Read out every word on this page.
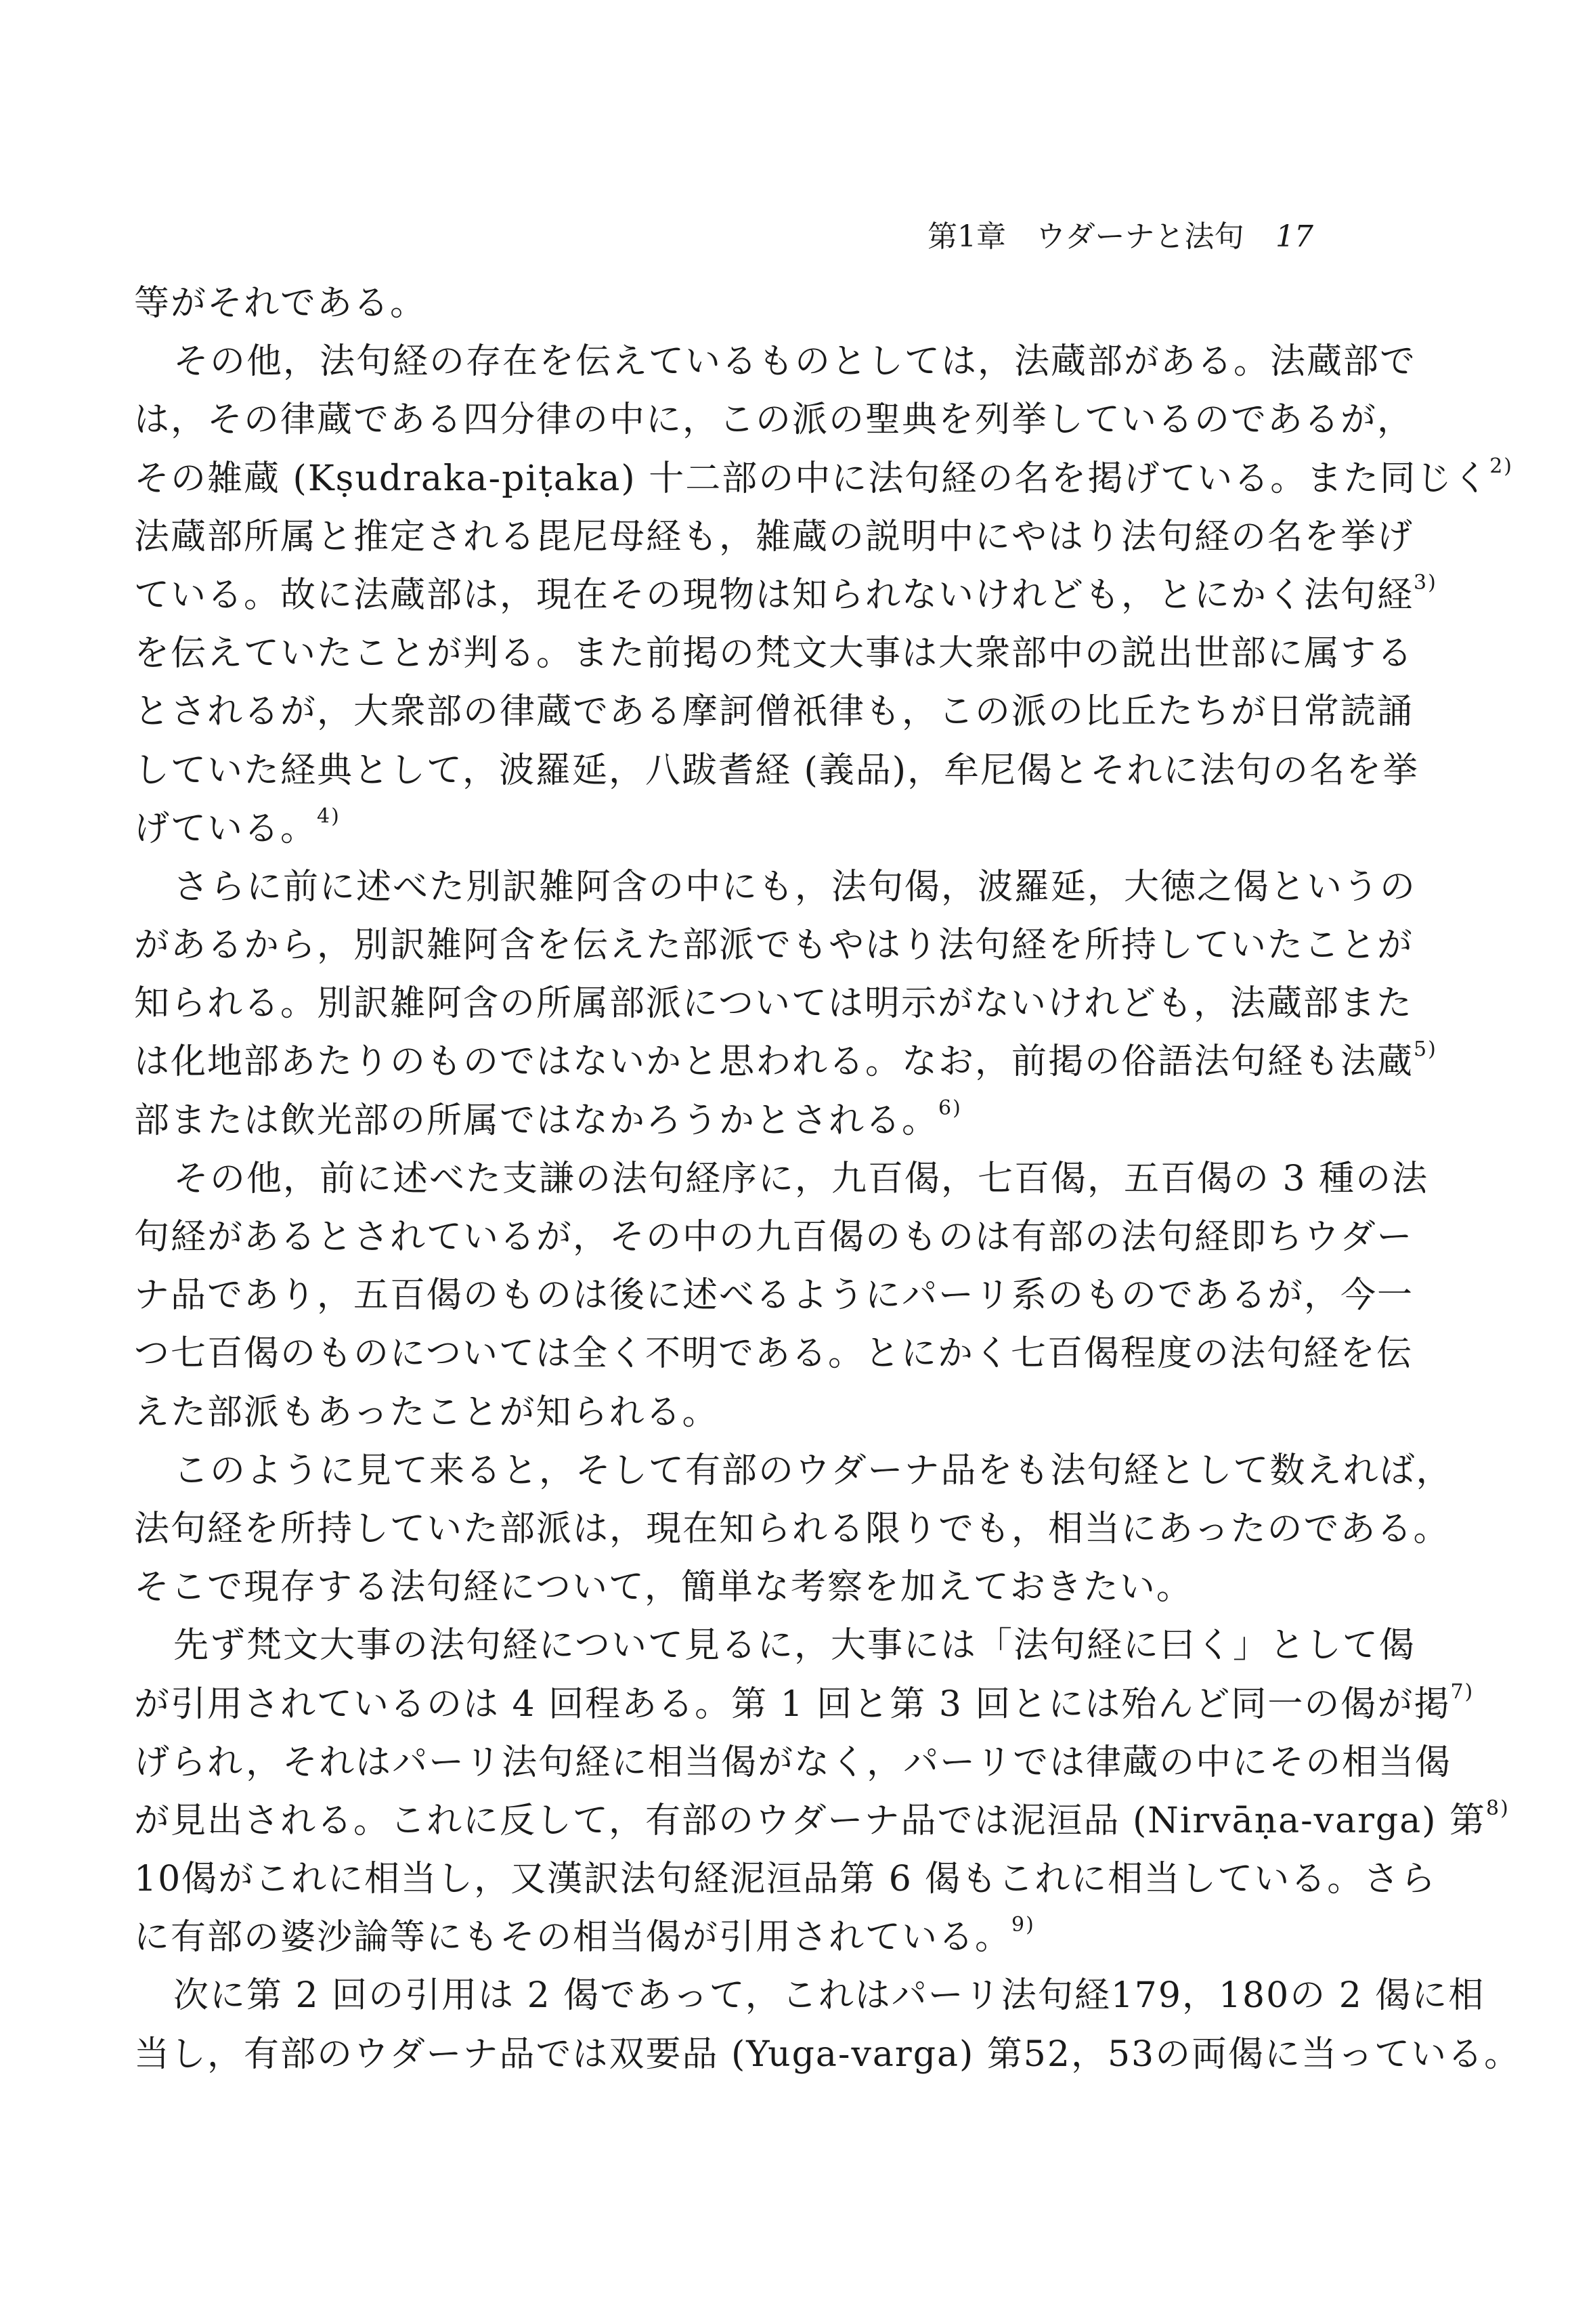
第1章 ウダーナと法句 17
等がそれである。
その他，法句経の存在を伝えているものとしては，法蔵部がある。法蔵部で
は，その律蔵である四分律の中に，この派の聖典を列挙しているのであるが，
その雑蔵 (Kṣudraka-piṭaka) 十二部の中に法句経の名を掲げている。また同じく$^{2)}$
法蔵部所属と推定される毘尼母経も，雑蔵の説明中にやはり法句経の名を挙げ
ている。故に法蔵部は，現在その現物は知られないけれども，とにかく法句経$^{3)}$
を伝えていたことが判る。また前掲の梵文大事は大衆部中の説出世部に属する
とされるが，大衆部の律蔵である摩訶僧祇律も，この派の比丘たちが日常読誦
していた経典として，波羅延，八跋耆経 (義品)，牟尼偈とそれに法句の名を挙
げている。$^{4)}$
さらに前に述べた別訳雑阿含の中にも，法句偈，波羅延，大徳之偈というの
があるから，別訳雑阿含を伝えた部派でもやはり法句経を所持していたことが
知られる。別訳雑阿含の所属部派については明示がないけれども，法蔵部また
は化地部あたりのものではないかと思われる。なお，前掲の俗語法句経も法蔵$^{5)}$
部または飲光部の所属ではなかろうかとされる。$^{6)}$
その他，前に述べた支謙の法句経序に，九百偈，七百偈，五百偈の 3 種の法
句経があるとされているが，その中の九百偈のものは有部の法句経即ちウダー
ナ品であり，五百偈のものは後に述べるようにパーリ系のものであるが，今一
つ七百偈のものについては全く不明である。とにかく七百偈程度の法句経を伝
えた部派もあったことが知られる。
このように見て来ると，そして有部のウダーナ品をも法句経として数えれば，
法句経を所持していた部派は，現在知られる限りでも，相当にあったのである。
そこで現存する法句経について，簡単な考察を加えておきたい。
先ず梵文大事の法句経について見るに，大事には「法句経に曰く」として偈
が引用されているのは 4 回程ある。第 1 回と第 3 回とには殆んど同一の偈が掲$^{7)}$
げられ，それはパーリ法句経に相当偈がなく，パーリでは律蔵の中にその相当偈
が見出される。これに反して，有部のウダーナ品では泥洹品 (Nirvāṇa-varga) 第$^{8)}$
10偈がこれに相当し，又漢訳法句経泥洹品第 6 偈もこれに相当している。さら
に有部の婆沙論等にもその相当偈が引用されている。$^{9)}$
次に第 2 回の引用は 2 偈であって，これはパーリ法句経179，180の 2 偈に相
当し，有部のウダーナ品では双要品 (Yuga-varga) 第52，53の両偈に当っている。
